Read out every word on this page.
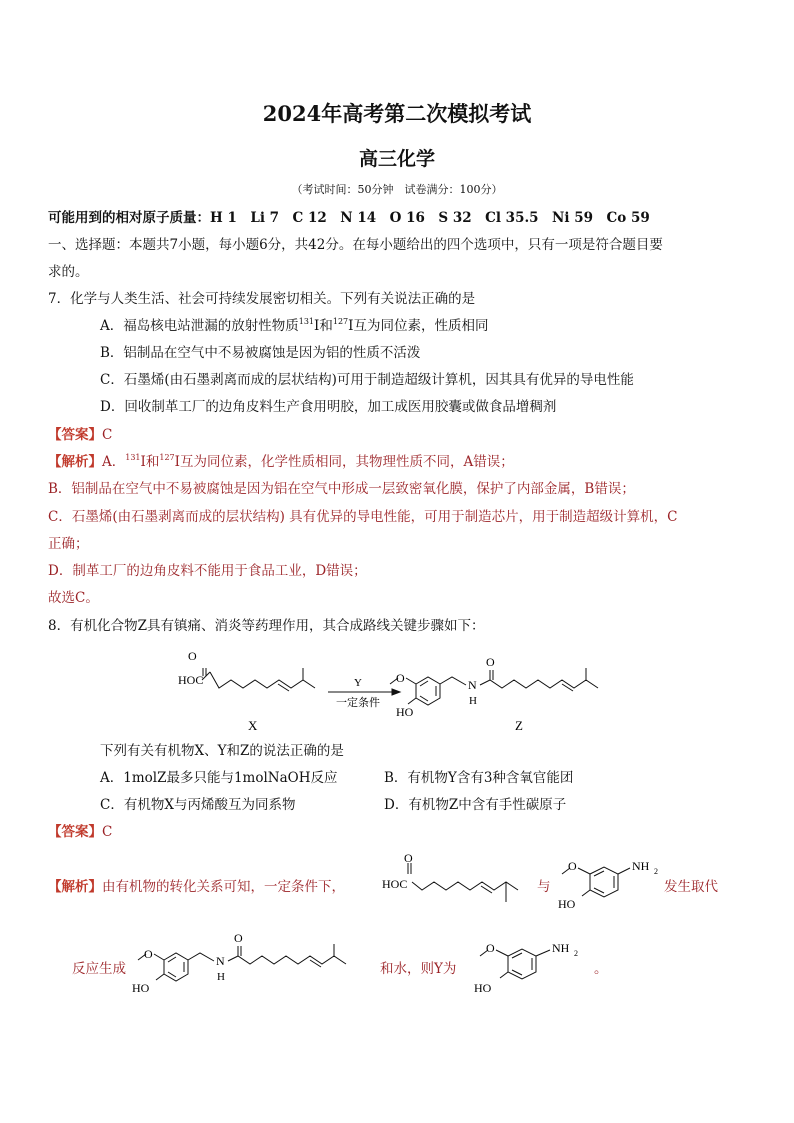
2024年高考第二次模拟考试
高三化学
（考试时间：50分钟　试卷满分：100分）
可能用到的相对原子质量：H 1　Li 7　C 12　N 14　O 16　S 32　Cl 35.5　Ni 59　Co 59
一、选择题：本题共7小题，每小题6分，共42分。在每小题给出的四个选项中，只有一项是符合题目要
求的。
7．化学与人类生活、社会可持续发展密切相关。下列有关说法正确的是
A．福岛核电站泄漏的放射性物质$^{131}$I和$^{127}$I互为同位素，性质相同
B．铝制品在空气中不易被腐蚀是因为铝的性质不活泼
C．石墨烯(由石墨剥离而成的层状结构)可用于制造超级计算机，因其具有优异的导电性能
D．回收制革工厂的边角皮料生产食用明胶，加工成医用胶囊或做食品增稠剂
【答案】C
【解析】A．$^{131}$I和$^{127}$I互为同位素，化学性质相同，其物理性质不同，A错误；
B．铝制品在空气中不易被腐蚀是因为铝在空气中形成一层致密氧化膜，保护了内部金属，B错误；
C．石墨烯(由石墨剥离而成的层状结构) 具有优异的导电性能，可用于制造芯片，用于制造超级计算机，C
正确；
D．制革工厂的边角皮料不能用于食品工业，D错误；
故选C。
8．有机化合物Z具有镇痛、消炎等药理作用，其合成路线关键步骤如下：
O
HOC
X
Y
一定条件
O
HO
N
H
O
Z
下列有关有机物X、Y和Z的说法正确的是
A．1molZ最多只能与1molNaOH反应	B．有机物Y含有3种含氧官能团
C．有机物X与丙烯酸互为同系物	D．有机物Z中含有手性碳原子
【答案】C
【解析】由有机物的转化关系可知，一定条件下，
O
HOC	与
O
HO
NH 2
发生取代
反应生成
O
HO
N
H
O
和水，则Y为
O
HO
NH 2
。
